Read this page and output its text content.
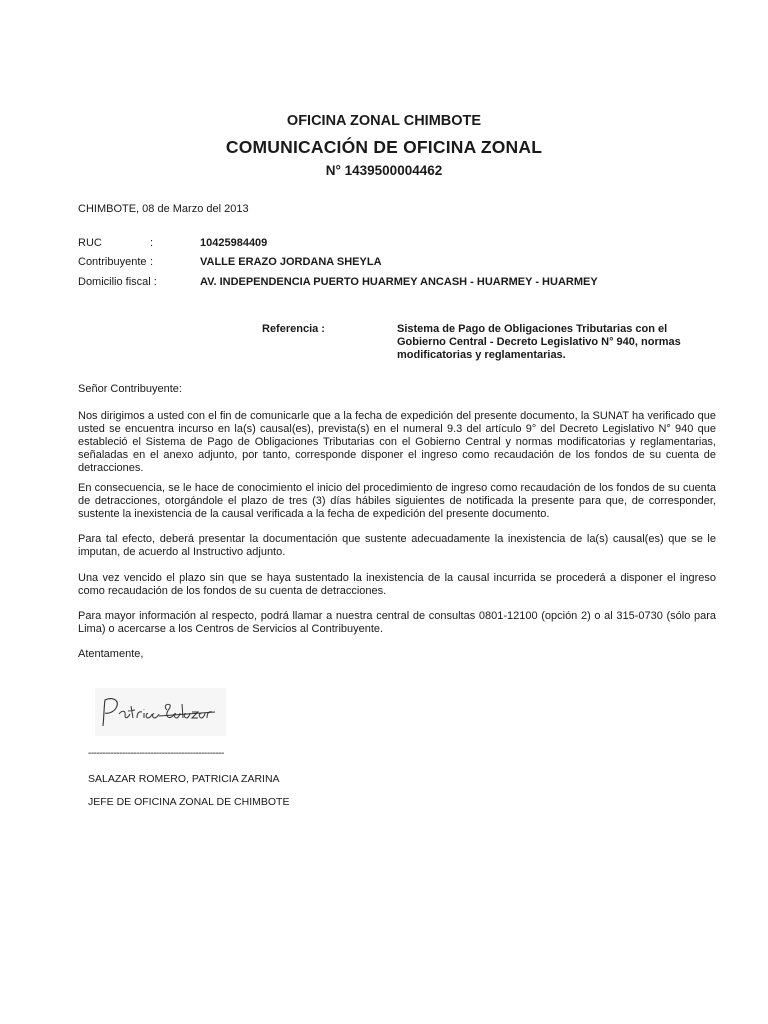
OFICINA ZONAL CHIMBOTE
COMUNICACIÓN DE OFICINA ZONAL
N° 1439500004462
CHIMBOTE, 08 de Marzo del 2013
RUC	:	10425984409
Contribuyente :	VALLE ERAZO JORDANA SHEYLA
Domicilio fiscal :	AV. INDEPENDENCIA PUERTO HUARMEY ANCASH - HUARMEY - HUARMEY
Referencia :	Sistema de Pago de Obligaciones Tributarias con el Gobierno Central - Decreto Legislativo N° 940, normas modificatorias y reglamentarias.
Señor Contribuyente:
Nos dirigimos a usted con el fin de comunicarle que a la fecha de expedición del presente documento, la SUNAT ha verificado que usted se encuentra incurso en la(s) causal(es), prevista(s) en el numeral 9.3 del artículo 9° del Decreto Legislativo N° 940 que estableció el Sistema de Pago de Obligaciones Tributarias con el Gobierno Central y normas modificatorias y reglamentarias, señaladas en el anexo adjunto, por tanto, corresponde disponer el ingreso como recaudación de los fondos de su cuenta de detracciones.
En consecuencia, se le hace de conocimiento el inicio del procedimiento de ingreso como recaudación de los fondos de su cuenta de detracciones, otorgándole el plazo de tres (3) días hábiles siguientes de notificada la presente para que, de corresponder, sustente la inexistencia de la causal verificada a la fecha de expedición del presente documento.
Para tal efecto, deberá presentar la documentación que sustente adecuadamente la inexistencia de la(s) causal(es) que se le imputan, de acuerdo al Instructivo adjunto.
Una vez vencido el plazo sin que se haya sustentado la inexistencia de la causal incurrida se procederá a disponer el ingreso como recaudación de los fondos de su cuenta de detracciones.
Para mayor información al respecto, podrá llamar a nuestra central de consultas 0801-12100 (opción 2) o al 315-0730 (sólo para Lima) o acercarse a los Centros de Servicios al Contribuyente.
Atentamente,
------------------------------------------------
SALAZAR ROMERO, PATRICIA ZARINA
JEFE DE OFICINA ZONAL DE CHIMBOTE
